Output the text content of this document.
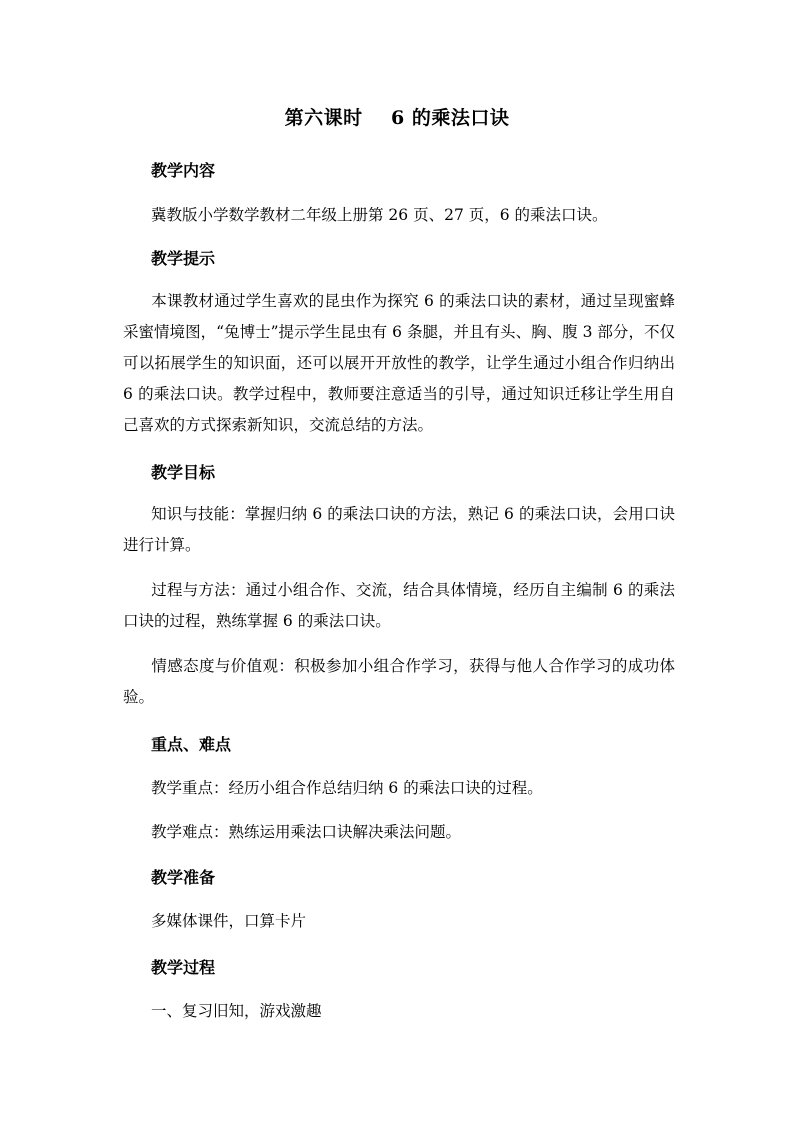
第六课时    6 的乘法口诀
教学内容
冀教版小学数学教材二年级上册第 26 页、27 页，6 的乘法口诀。
教学提示
本课教材通过学生喜欢的昆虫作为探究 6 的乘法口诀的素材，通过呈现蜜蜂采蜜情境图，“兔博士”提示学生昆虫有 6 条腿，并且有头、胸、腹 3 部分，不仅可以拓展学生的知识面，还可以展开开放性的教学，让学生通过小组合作归纳出 6 的乘法口诀。教学过程中，教师要注意适当的引导，通过知识迁移让学生用自己喜欢的方式探索新知识，交流总结的方法。
教学目标
知识与技能：掌握归纳 6 的乘法口诀的方法，熟记 6 的乘法口诀，会用口诀进行计算。
过程与方法：通过小组合作、交流，结合具体情境，经历自主编制 6 的乘法口诀的过程，熟练掌握 6 的乘法口诀。
情感态度与价值观：积极参加小组合作学习，获得与他人合作学习的成功体验。
重点、难点
教学重点：经历小组合作总结归纳 6 的乘法口诀的过程。
教学难点：熟练运用乘法口诀解决乘法问题。
教学准备
多媒体课件，口算卡片
教学过程
一、复习旧知，游戏激趣
